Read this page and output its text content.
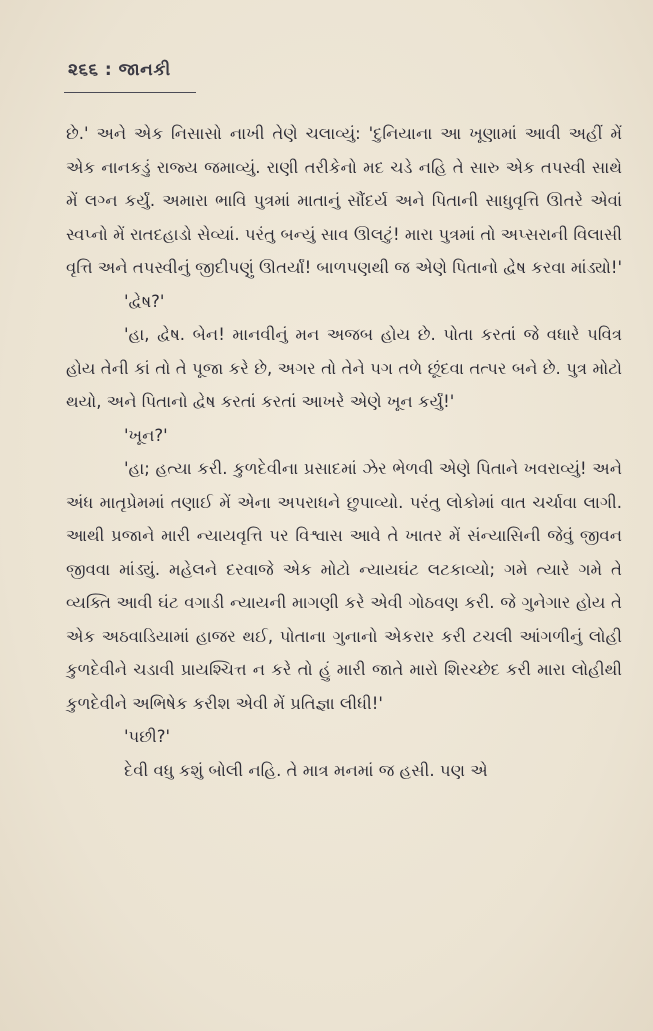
૨૬૬ : જાનકી

છે.' અને એક નિસાસો નાખી તેણે ચલાવ્યું: 'દુનિયાના આ ખૂણામાં આવી અહીં મેં એક નાનકડું રાજ્ય જમાવ્યું. રાણી તરીકેનો મદ ચડે નહિ તે સારુ એક તપસ્વી સાથે મેં લગ્ન કર્યું. અમારા ભાવિ પુત્રમાં માતાનું સૌંદર્ય અને પિતાની સાધુવૃત્તિ ઊતરે એવાં સ્વપ્નો મેં રાતદહાડો સેવ્યાં. પરંતુ બન્યું સાવ ઊલટું! મારા પુત્રમાં તો અપ્સરાની વિલાસી વૃત્તિ અને તપસ્વીનું જીદીપણું ઊતર્યાં! બાળપણથી જ એણે પિતાનો દ્વેષ કરવા માંડ્યો!'

'દ્વેષ?'

'હા, દ્વેષ. બેન! માનવીનું મન અજબ હોય છે. પોતા કરતાં જે વધારે પવિત્ર હોય તેની કાં તો તે પૂજા કરે છે, અગર તો તેને પગ તળે છૂંદવા તત્પર બને છે. પુત્ર મોટો થયો, અને પિતાનો દ્વેષ કરતાં કરતાં આખરે એણે ખૂન કર્યું!'

'ખૂન?'

'હા; હત્યા કરી. કુળદેવીના પ્રસાદમાં ઝેર ભેળવી એણે પિતાને ખવરાવ્યું! અને અંધ માતૃપ્રેમમાં તણાઈ મેં એના અપરાધને છુપાવ્યો. પરંતુ લોકોમાં વાત ચર્ચાવા લાગી. આથી પ્રજાને મારી ન્યાયવૃત્તિ પર વિશ્વાસ આવે તે ખાતર મેં સંન્યાસિની જેવું જીવન જીવવા માંડ્યું. મહેલને દરવાજે એક મોટો ન્યાયઘંટ લટકાવ્યો; ગમે ત્યારે ગમે તે વ્યક્તિ આવી ઘંટ વગાડી ન્યાયની માગણી કરે એવી ગોઠવણ કરી. જે ગુનેગાર હોય તે એક અઠવાડિયામાં હાજર થઈ, પોતાના ગુનાનો એકરાર કરી ટચલી આંગળીનું લોહી કુળદેવીને ચડાવી પ્રાયશ્ચિત્ત ન કરે તો હું મારી જાતે મારો શિરચ્છેદ કરી મારા લોહીથી કુળદેવીને અભિષેક કરીશ એવી મેં પ્રતિજ્ઞા લીધી!'

'પછી?'

દેવી વધુ કશું બોલી નહિ. તે માત્ર મનમાં જ હસી. પણ એ
